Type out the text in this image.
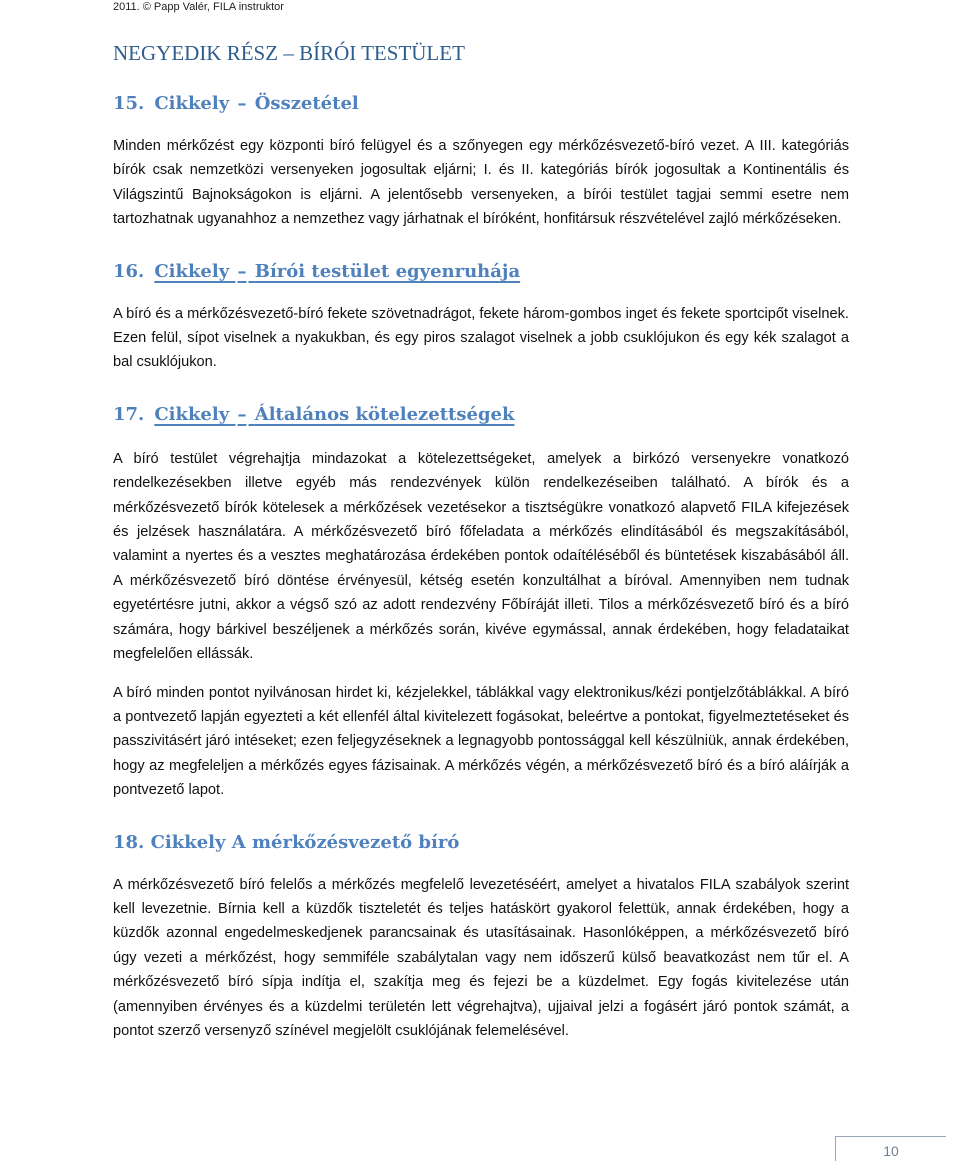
2011. © Papp Valér, FILA instruktor
NEGYEDIK RÉSZ – BÍRÓI TESTÜLET
15. Cikkely – Összetétel

Minden mérkőzést egy központi bíró felügyel és a szőnyegen egy mérkőzésvezető-bíró vezet. A III. kategóriás bírók csak nemzetközi versenyeken jogosultak eljárni; I. és II. kategóriás bírók jogosultak a Kontinentális és Világszintű Bajnokságokon is eljárni. A jelentősebb versenyeken, a bírói testület tagjai semmi esetre nem tartozhatnak ugyanahhoz a nemzethez vagy járhatnak el bíróként, honfitársuk részvételével zajló mérkőzéseken.

16. Cikkely – Bírói testület egyenruhája

A bíró és a mérkőzésvezető-bíró fekete szövetnadrágot, fekete három-gombos inget és fekete sportcipőt viselnek. Ezen felül, sípot viselnek a nyakukban, és egy piros szalagot viselnek a jobb csuklójukon és egy kék szalagot a bal csuklójukon.

17. Cikkely – Általános kötelezettségek

A bíró testület végrehajtja mindazokat a kötelezettségeket, amelyek a birkózó versenyekre vonatkozó rendelkezésekben illetve egyéb más rendezvények külön rendelkezéseiben található. A bírók és a mérkőzésvezető bírók kötelesek a mérkőzések vezetésekor a tisztségükre vonatkozó alapvető FILA kifejezések és jelzések használatára. A mérkőzésvezető bíró főfeladata a mérkőzés elindításából és megszakításából, valamint a nyertes és a vesztes meghatározása érdekében pontok odaítéléséből és büntetések kiszabásából áll. A mérkőzésvezető bíró döntése érvényesül, kétség esetén konzultálhat a bíróval. Amennyiben nem tudnak egyetértésre jutni, akkor a végső szó az adott rendezvény Főbíráját illeti. Tilos a mérkőzésvezető bíró és a bíró számára, hogy bárkivel beszéljenek a mérkőzés során, kivéve egymással, annak érdekében, hogy feladataikat megfelelően ellássák.

A bíró minden pontot nyilvánosan hirdet ki, kézjelekkel, táblákkal vagy elektronikus/kézi pontjelzőtáblákkal. A bíró a pontvezető lapján egyezteti a két ellenfél által kivitelezett fogásokat, beleértve a pontokat, figyelmeztetéseket és passzivitásért járó intéseket; ezen feljegyzéseknek a legnagyobb pontossággal kell készülniük, annak érdekében, hogy az megfeleljen a mérkőzés egyes fázisainak. A mérkőzés végén, a mérkőzésvezető bíró és a bíró aláírják a pontvezető lapot.

18. Cikkely A mérkőzésvezető bíró

A mérkőzésvezető bíró felelős a mérkőzés megfelelő levezetéséért, amelyet a hivatalos FILA szabályok szerint kell levezetnie. Bírnia kell a küzdők tiszteletét és teljes hatáskört gyakorol felettük, annak érdekében, hogy a küzdők azonnal engedelmeskedjenek parancsainak és utasításainak. Hasonlóképpen, a mérkőzésvezető bíró úgy vezeti a mérkőzést, hogy semmiféle szabálytalan vagy nem időszerű külső beavatkozást nem tűr el. A mérkőzésvezető bíró sípja indítja el, szakítja meg és fejezi be a küzdelmet. Egy fogás kivitelezése után (amennyiben érvényes és a küzdelmi területén lett végrehajtva), ujjaival jelzi a fogásért járó pontok számát, a pontot szerző versenyző színével megjelölt csuklójának felemelésével.

10
